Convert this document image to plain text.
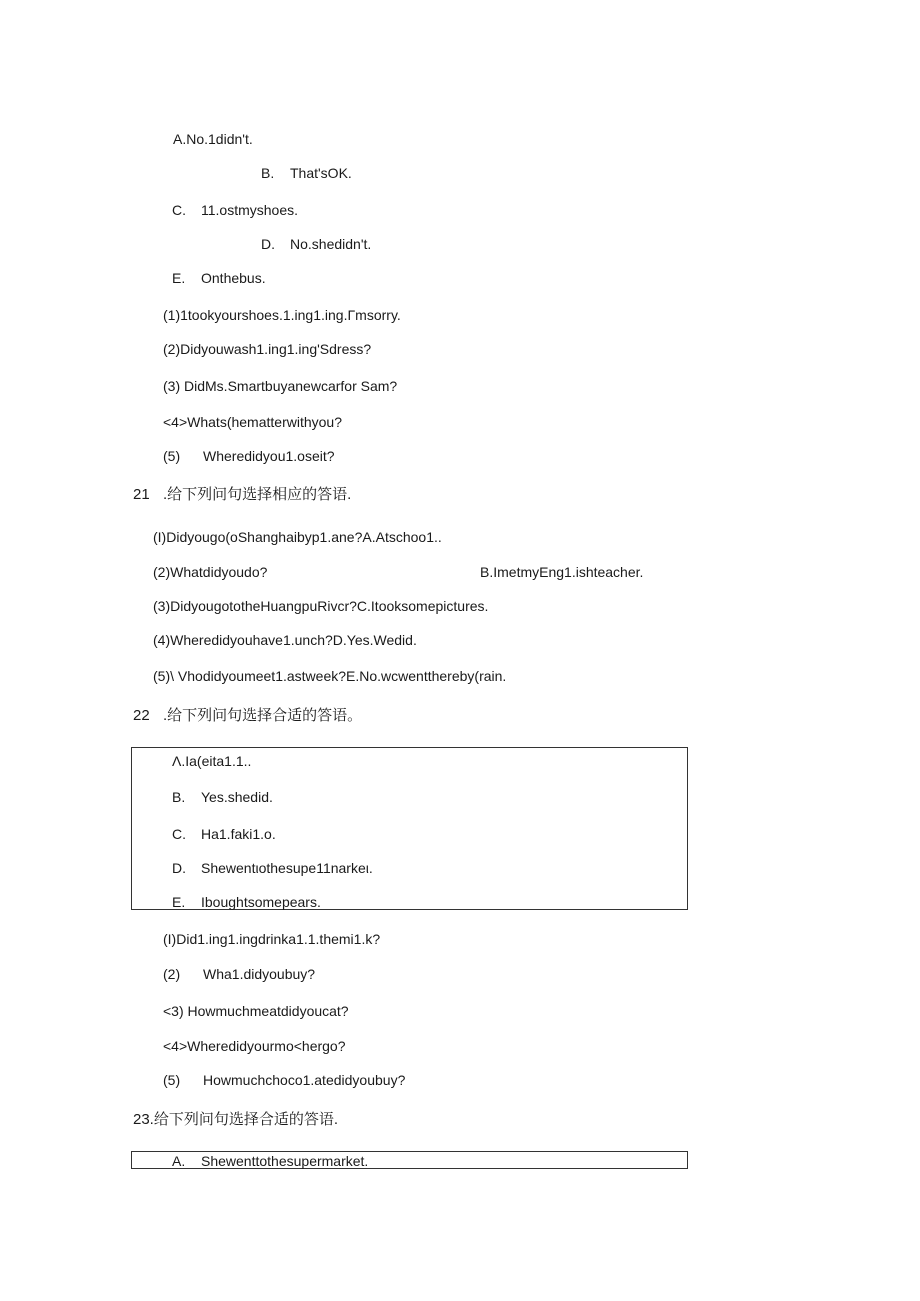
A.No.1didn't.
B. That'sOK.
C. 11.ostmyshoes.
D. No.shedidn't.
E. Onthebus.
(1)1tookyourshoes.1.ing1.ing.Γmsorry.
(2)Didyouwash1.ing1.ing'Sdress?
(3) DidMs.Smartbuyanewcarfor Sam?
<4>Whats(hematterwithyou?
(5) Wheredidyou1.oseit?
21 .给下列问句选择相应的答语.
(I)Didyougo(oShanghaibyp1.ane?A.Atschoo1..
(2)Whatdidyoudo?	B.ImetmyEng1.ishteacher.
(3)DidyougototheHuangpuRivcr?C.Itooksomepictures.
(4)Wheredidyouhave1.unch?D.Yes.Wedid.
(5)\ Vhodidyoumeet1.astweek?E.No.wcwentthereby(rain.
22 .给下列问句选择合适的答语。
Λ.Ia(eita1.1..
B. Yes.shedid.
C. Ha1.faki1.o.
D. Shewentιothesupe11narkeι.
E. Iboughtsomepears.
(I)Did1.ing1.ingdrinka1.1.themi1.k?
(2) Wha1.didyoubuy?
<3) Howmuchmeatdidyoucat?
<4>Wheredidyourmo<hergo?
(5) Howmuchchoco1.atedidyoubuy?
23.给下列问句选择合适的答语.
A. Shewenttothesupermarket.
